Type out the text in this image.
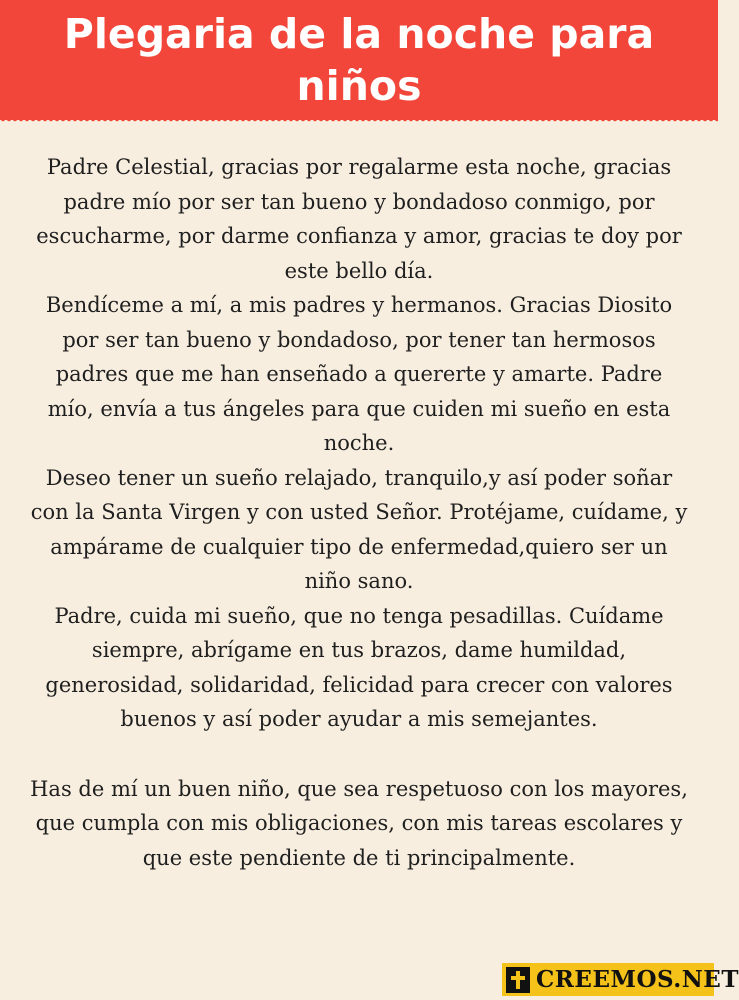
Plegaria de la noche para niños

Padre Celestial, gracias por regalarme esta noche, gracias padre mío por ser tan bueno y bondadoso conmigo, por escucharme, por darme confianza y amor, gracias te doy por este bello día.

Bendíceme a mí, a mis padres y hermanos. Gracias Diosito por ser tan bueno y bondadoso, por tener tan hermosos padres que me han enseñado a quererte y amarte. Padre mío, envía a tus ángeles para que cuiden mi sueño en esta noche.

Deseo tener un sueño relajado, tranquilo,y así poder soñar con la Santa Virgen y con usted Señor. Protéjame, cuídame, y ampárame de cualquier tipo de enfermedad,quiero ser un niño sano.

Padre, cuida mi sueño, que no tenga pesadillas. Cuídame siempre, abrígame en tus brazos, dame humildad, generosidad, solidaridad, felicidad para crecer con valores buenos y así poder ayudar a mis semejantes.

Has de mí un buen niño, que sea respetuoso con los mayores, que cumpla con mis obligaciones, con mis tareas escolares y que este pendiente de ti principalmente.

CREEMOS.NET
